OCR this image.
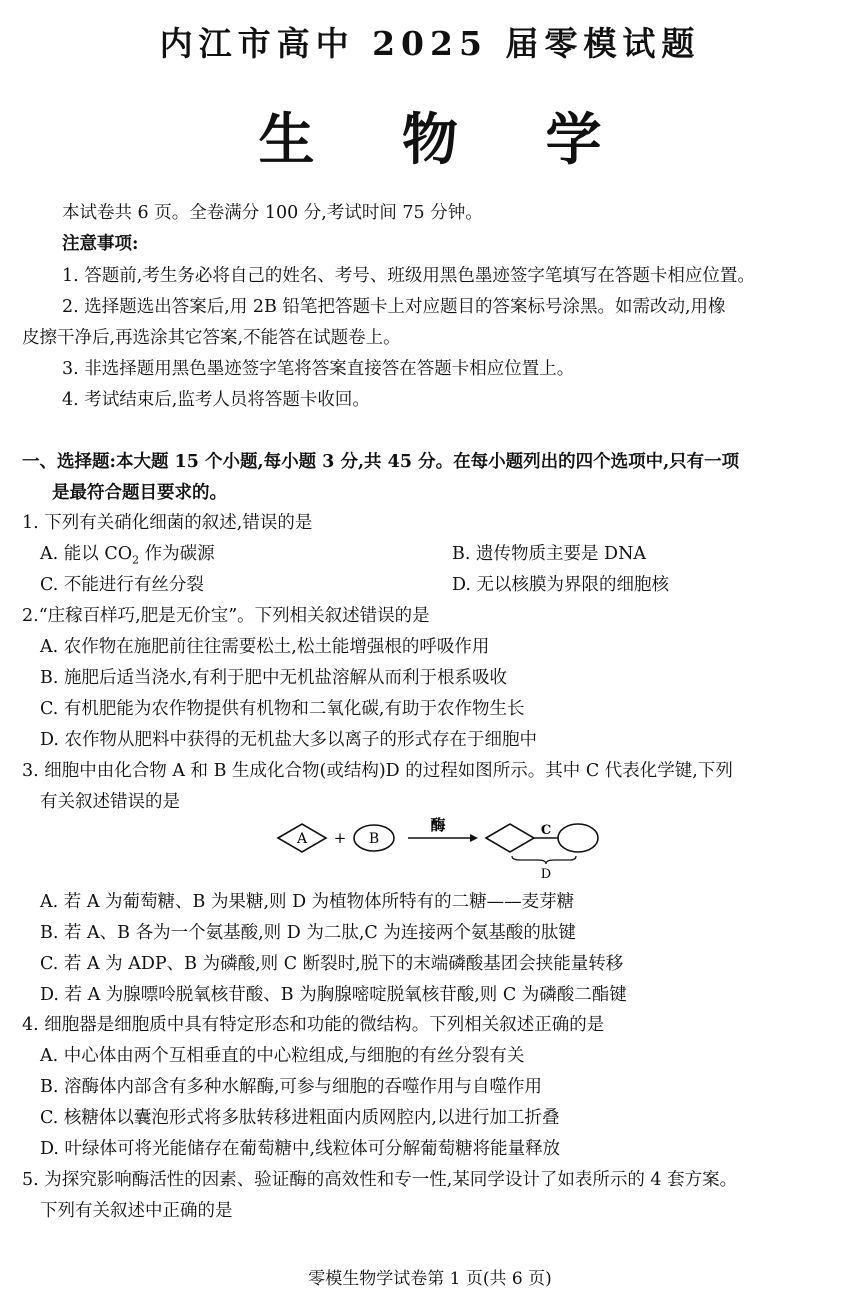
内江市高中 2025 届零模试题
生 物 学
本试卷共 6 页。全卷满分 100 分,考试时间 75 分钟。
注意事项:
1. 答题前,考生务必将自己的姓名、考号、班级用黑色墨迹签字笔填写在答题卡相应位置。
2. 选择题选出答案后,用 2B 铅笔把答题卡上对应题目的答案标号涂黑。如需改动,用橡
皮擦干净后,再选涂其它答案,不能答在试题卷上。
3. 非选择题用黑色墨迹签字笔将答案直接答在答题卡相应位置上。
4. 考试结束后,监考人员将答题卡收回。
一、选择题:本大题 15 个小题,每小题 3 分,共 45 分。在每小题列出的四个选项中,只有一项
是最符合题目要求的。
1. 下列有关硝化细菌的叙述,错误的是
A. 能以 $CO_2$ 作为碳源	B. 遗传物质主要是 DNA
C. 不能进行有丝分裂	D. 无以核膜为界限的细胞核
2.“庄稼百样巧,肥是无价宝”。下列相关叙述错误的是
A. 农作物在施肥前往往需要松土,松土能增强根的呼吸作用
B. 施肥后适当浇水,有利于肥中无机盐溶解从而利于根系吸收
C. 有机肥能为农作物提供有机物和二氧化碳,有助于农作物生长
D. 农作物从肥料中获得的无机盐大多以离子的形式存在于细胞中
3. 细胞中由化合物 A 和 B 生成化合物(或结构)D 的过程如图所示。其中 C 代表化学键,下列
有关叙述错误的是
A + B
酶	C
D
A. 若 A 为葡萄糖、B 为果糖,则 D 为植物体所特有的二糖——麦芽糖
B. 若 A、B 各为一个氨基酸,则 D 为二肽,C 为连接两个氨基酸的肽键
C. 若 A 为 ADP、B 为磷酸,则 C 断裂时,脱下的末端磷酸基团会挟能量转移
D. 若 A 为腺嘌呤脱氧核苷酸、B 为胸腺嘧啶脱氧核苷酸,则 C 为磷酸二酯键
4. 细胞器是细胞质中具有特定形态和功能的微结构。下列相关叙述正确的是
A. 中心体由两个互相垂直的中心粒组成,与细胞的有丝分裂有关
B. 溶酶体内部含有多种水解酶,可参与细胞的吞噬作用与自噬作用
C. 核糖体以囊泡形式将多肽转移进粗面内质网腔内,以进行加工折叠
D. 叶绿体可将光能储存在葡萄糖中,线粒体可分解葡萄糖将能量释放
5. 为探究影响酶活性的因素、验证酶的高效性和专一性,某同学设计了如表所示的 4 套方案。
下列有关叙述中正确的是
零模生物学试卷第 1 页(共 6 页)
